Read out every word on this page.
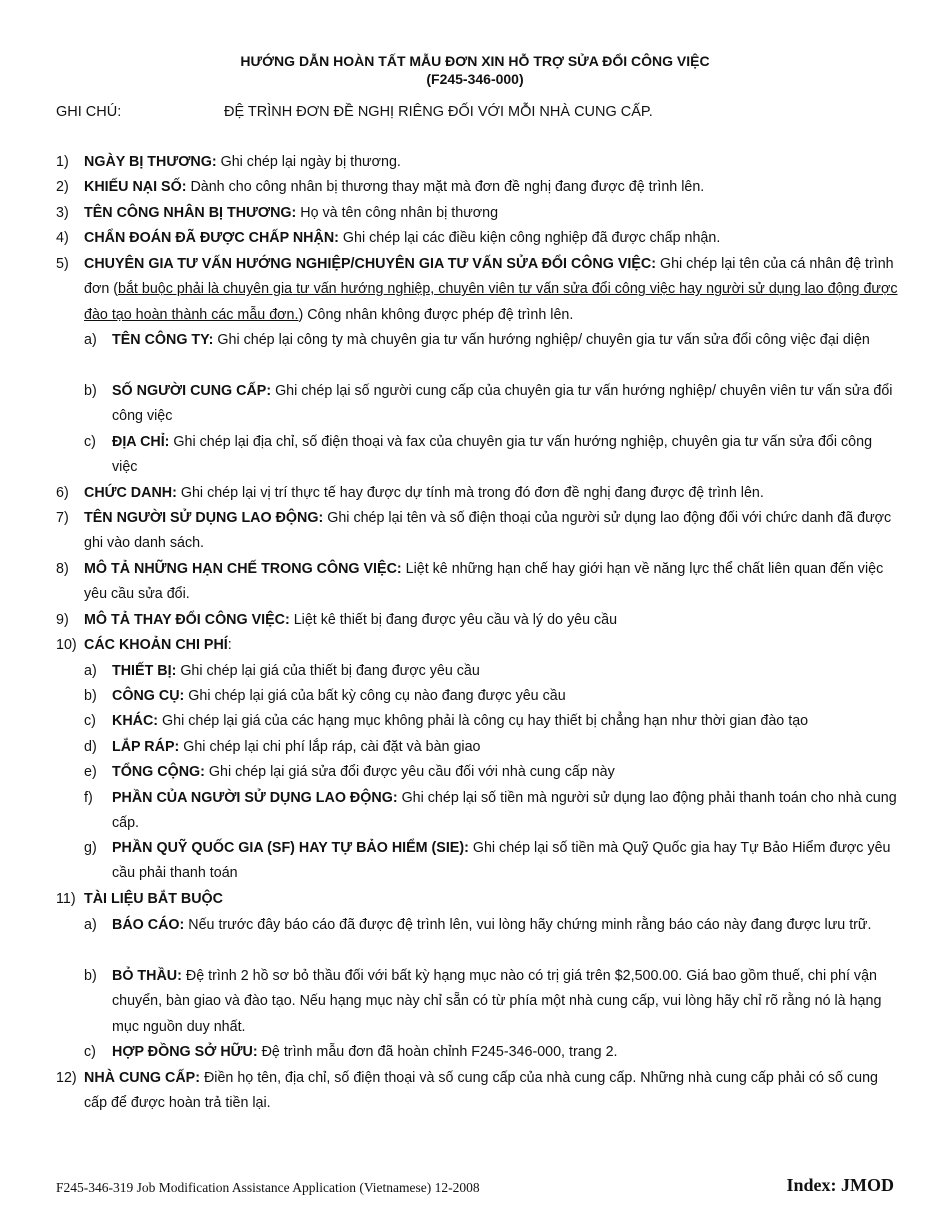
HƯỚNG DẪN HOÀN TẤT MẪU ĐƠN XIN HỖ TRỢ SỬA ĐỔI CÔNG VIỆC
(F245-346-000)
GHI CHÚ:	ĐỆ TRÌNH ĐƠN ĐỀ NGHỊ RIÊNG ĐỐI VỚI MỖI NHÀ CUNG CẤP.
1)	NGÀY BỊ THƯƠNG: Ghi chép lại ngày bị thương.
2)	KHIẾU NẠI SỐ: Dành cho công nhân bị thương thay mặt mà đơn đề nghị đang được đệ trình lên.
3)	TÊN CÔNG NHÂN BỊ THƯƠNG: Họ và tên công nhân bị thương
4)	CHẨN ĐOÁN ĐÃ ĐƯỢC CHẤP NHẬN: Ghi chép lại các điều kiện công nghiệp đã được chấp nhận.
5)	CHUYÊN GIA TƯ VẤN HƯỚNG NGHIỆP/CHUYÊN GIA TƯ VẤN SỬA ĐỔI CÔNG VIỆC: Ghi chép lại tên của cá nhân đệ trình đơn (bắt buộc phải là chuyên gia tư vấn hướng nghiệp, chuyên viên tư vấn sửa đổi công việc hay người sử dụng lao động được đào tạo hoàn thành các mẫu đơn.) Công nhân không được phép đệ trình lên.
a)	TÊN CÔNG TY: Ghi chép lại công ty mà chuyên gia tư vấn hướng nghiệp/ chuyên gia tư vấn sửa đổi công việc đại diện
b)	SỐ NGƯỜI CUNG CẤP: Ghi chép lại số người cung cấp của chuyên gia tư vấn hướng nghiệp/ chuyên viên tư vấn sửa đổi công việc
c)	ĐỊA CHỈ: Ghi chép lại địa chỉ, số điện thoại và fax của chuyên gia tư vấn hướng nghiệp, chuyên gia tư vấn sửa đổi công việc
6)	CHỨC DANH: Ghi chép lại vị trí thực tế hay được dự tính mà trong đó đơn đề nghị đang được đệ trình lên.
7)	TÊN NGƯỜI SỬ DỤNG LAO ĐỘNG: Ghi chép lại tên và số điện thoại của người sử dụng lao động đối với chức danh đã được ghi vào danh sách.
8)	MÔ TẢ NHỮNG HẠN CHẾ TRONG CÔNG VIỆC: Liệt kê những hạn chế hay giới hạn về năng lực thể chất liên quan đến việc yêu cầu sửa đổi.
9)	MÔ TẢ THAY ĐỔI CÔNG VIỆC: Liệt kê thiết bị đang được yêu cầu và lý do yêu cầu
10) CÁC KHOẢN CHI PHÍ:
a)	THIẾT BỊ: Ghi chép lại giá của thiết bị đang được yêu cầu
b)	CÔNG CỤ: Ghi chép lại giá của bất kỳ công cụ nào đang được yêu cầu
c)	KHÁC: Ghi chép lại giá của các hạng mục không phải là công cụ hay thiết bị chẳng hạn như thời gian đào tạo
d)	LẮP RÁP: Ghi chép lại chi phí lắp ráp, cài đặt và bàn giao
e)	TỔNG CỘNG: Ghi chép lại giá sửa đổi được yêu cầu đối với nhà cung cấp này
f)	PHẦN CỦA NGƯỜI SỬ DỤNG LAO ĐỘNG: Ghi chép lại số tiền mà người sử dụng lao động phải thanh toán cho nhà cung cấp.
g)	PHẦN QUỸ QUỐC GIA (SF) HAY TỰ BẢO HIỂM (SIE): Ghi chép lại số tiền mà Quỹ Quốc gia hay Tự Bảo Hiểm được yêu cầu phải thanh toán
11) TÀI LIỆU BẮT BUỘC
a)	BÁO CÁO: Nếu trước đây báo cáo đã được đệ trình lên, vui lòng hãy chứng minh rằng báo cáo này đang được lưu trữ.
b)	BỎ THẦU: Đệ trình 2 hồ sơ bỏ thầu đối với bất kỳ hạng mục nào có trị giá trên $2,500.00. Giá bao gồm thuế, chi phí vận chuyển, bàn giao và đào tạo. Nếu hạng mục này chỉ sẵn có từ phía một nhà cung cấp, vui lòng hãy chỉ rõ rằng nó là hạng mục nguồn duy nhất.
c)	HỢP ĐỒNG SỞ HỮU: Đệ trình mẫu đơn đã hoàn chỉnh F245-346-000, trang 2.
12) NHÀ CUNG CẤP: Điền họ tên, địa chỉ, số điện thoại và số cung cấp của nhà cung cấp. Những nhà cung cấp phải có số cung cấp để được hoàn trả tiền lại.
F245-346-319 Job Modification Assistance Application (Vietnamese) 12-2008	Index: JMOD
